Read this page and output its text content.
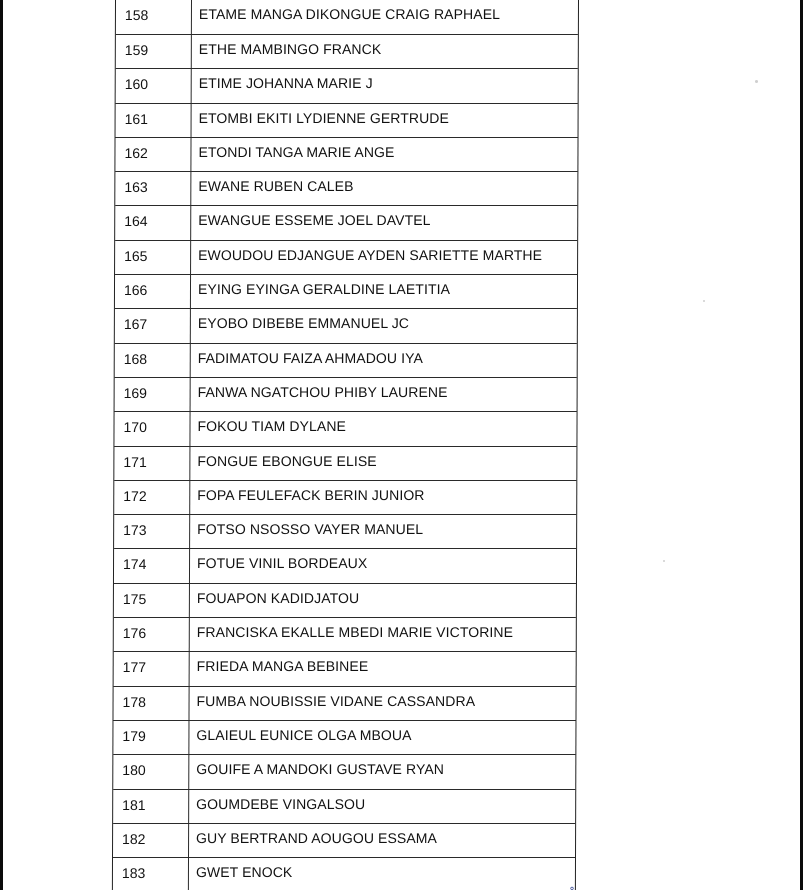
158	ETAME MANGA DIKONGUE CRAIG RAPHAEL
159	ETHE MAMBINGO FRANCK
160	ETIME JOHANNA MARIE J
161	ETOMBI EKITI LYDIENNE GERTRUDE
162	ETONDI TANGA MARIE ANGE
163	EWANE RUBEN CALEB
164	EWANGUE ESSEME JOEL DAVTEL
165	EWOUDOU EDJANGUE AYDEN SARIETTE MARTHE
166	EYING EYINGA GERALDINE LAETITIA
167	EYOBO DIBEBE EMMANUEL JC
168	FADIMATOU FAIZA AHMADOU IYA
169	FANWA NGATCHOU PHIBY LAURENE
170	FOKOU TIAM DYLANE
171	FONGUE EBONGUE ELISE
172	FOPA FEULEFACK BERIN JUNIOR
173	FOTSO NSOSSO VAYER MANUEL
174	FOTUE VINIL BORDEAUX
175	FOUAPON KADIDJATOU
176	FRANCISKA EKALLE MBEDI MARIE VICTORINE
177	FRIEDA MANGA BEBINEE
178	FUMBA NOUBISSIE VIDANE CASSANDRA
179	GLAIEUL EUNICE OLGA MBOUA
180	GOUIFE A MANDOKI GUSTAVE RYAN
181	GOUMDEBE VINGALSOU
182	GUY BERTRAND AOUGOU ESSAMA
183	GWET ENOCK
˳
